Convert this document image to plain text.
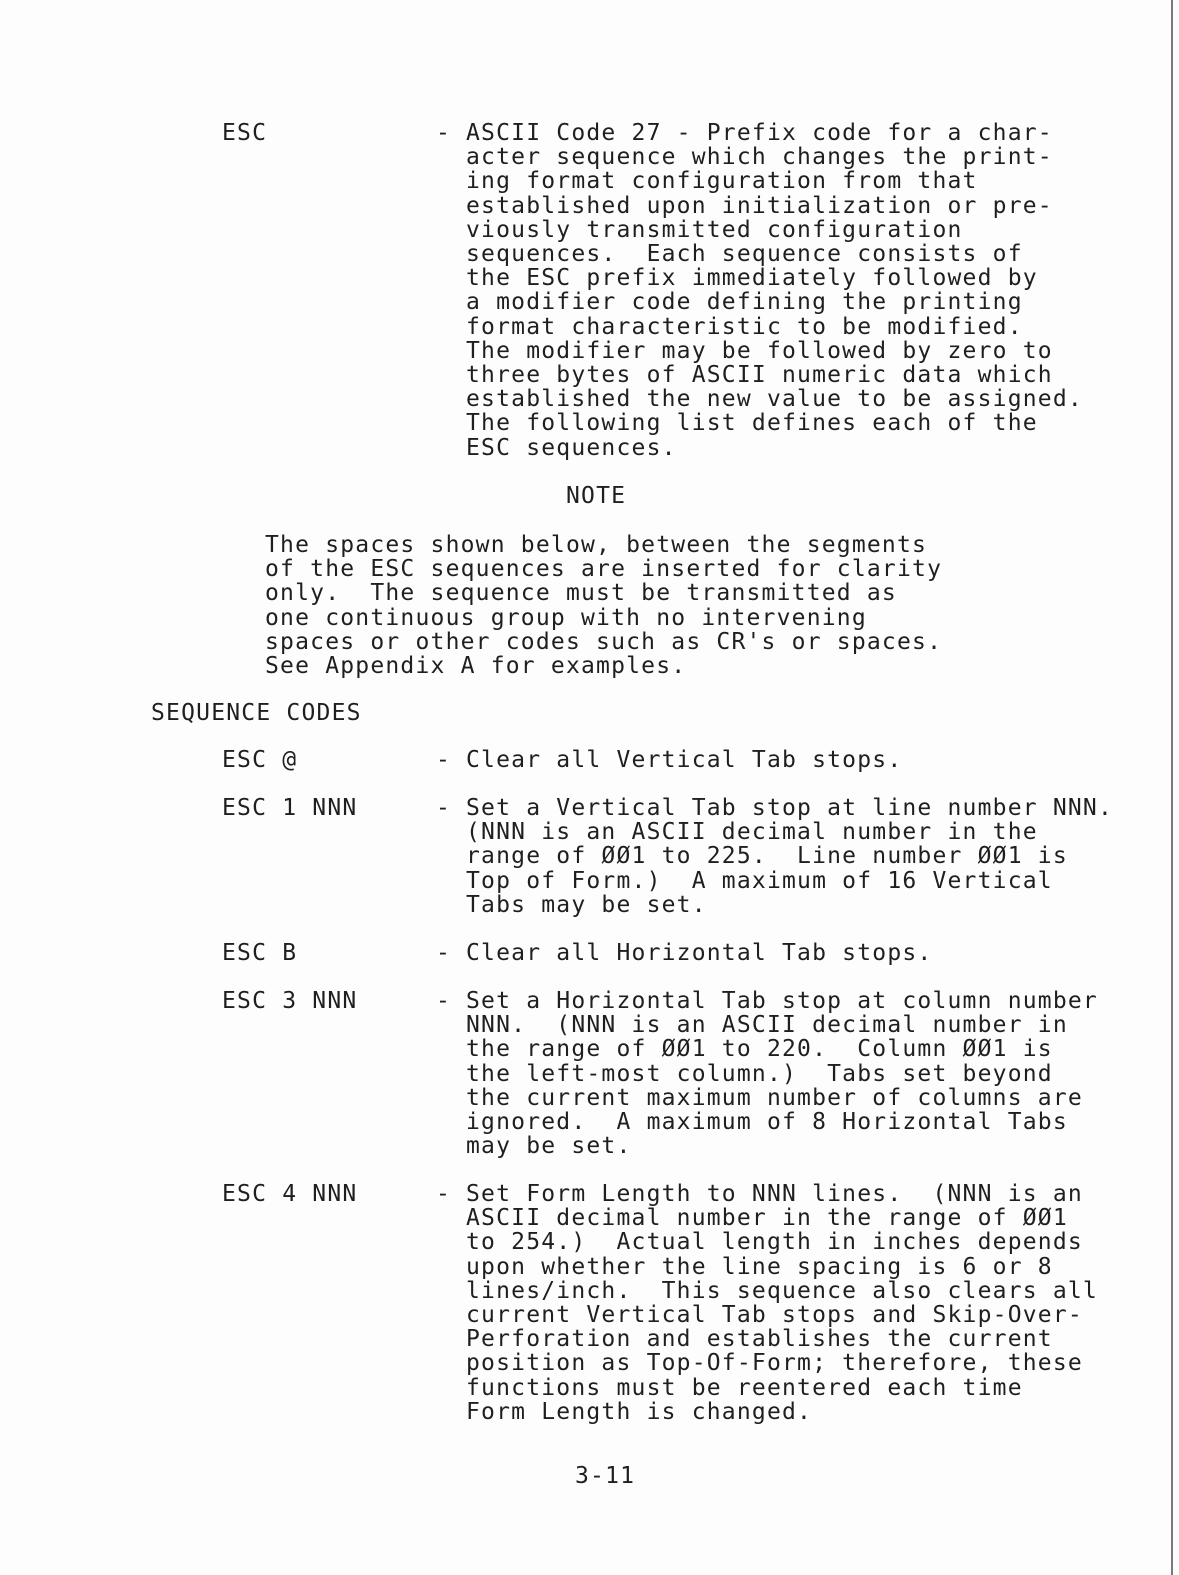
ESC	- ASCII Code 27 - Prefix code for a char-
acter sequence which changes the print-
ing format configuration from that
established upon initialization or pre-
viously transmitted configuration
sequences.  Each sequence consists of
the ESC prefix immediately followed by
a modifier code defining the printing
format characteristic to be modified.
The modifier may be followed by zero to
three bytes of ASCII numeric data which
established the new value to be assigned.
The following list defines each of the
ESC sequences.
NOTE
The spaces shown below, between the segments
of the ESC sequences are inserted for clarity
only.  The sequence must be transmitted as
one continuous group with no intervening
spaces or other codes such as CR's or spaces.
See Appendix A for examples.
SEQUENCE CODES
ESC @	- Clear all Vertical Tab stops.
ESC 1 NNN	- Set a Vertical Tab stop at line number NNN.
(NNN is an ASCII decimal number in the
range of ØØ1 to 225.  Line number ØØ1 is
Top of Form.)  A maximum of 16 Vertical
Tabs may be set.
ESC B	- Clear all Horizontal Tab stops.
ESC 3 NNN	- Set a Horizontal Tab stop at column number
NNN.  (NNN is an ASCII decimal number in
the range of ØØ1 to 220.  Column ØØ1 is
the left-most column.)  Tabs set beyond
the current maximum number of columns are
ignored.  A maximum of 8 Horizontal Tabs
may be set.
ESC 4 NNN	- Set Form Length to NNN lines.  (NNN is an
ASCII decimal number in the range of ØØ1
to 254.)  Actual length in inches depends
upon whether the line spacing is 6 or 8
lines/inch.  This sequence also clears all
current Vertical Tab stops and Skip-Over-
Perforation and establishes the current
position as Top-Of-Form; therefore, these
functions must be reentered each time
Form Length is changed.
3-11
